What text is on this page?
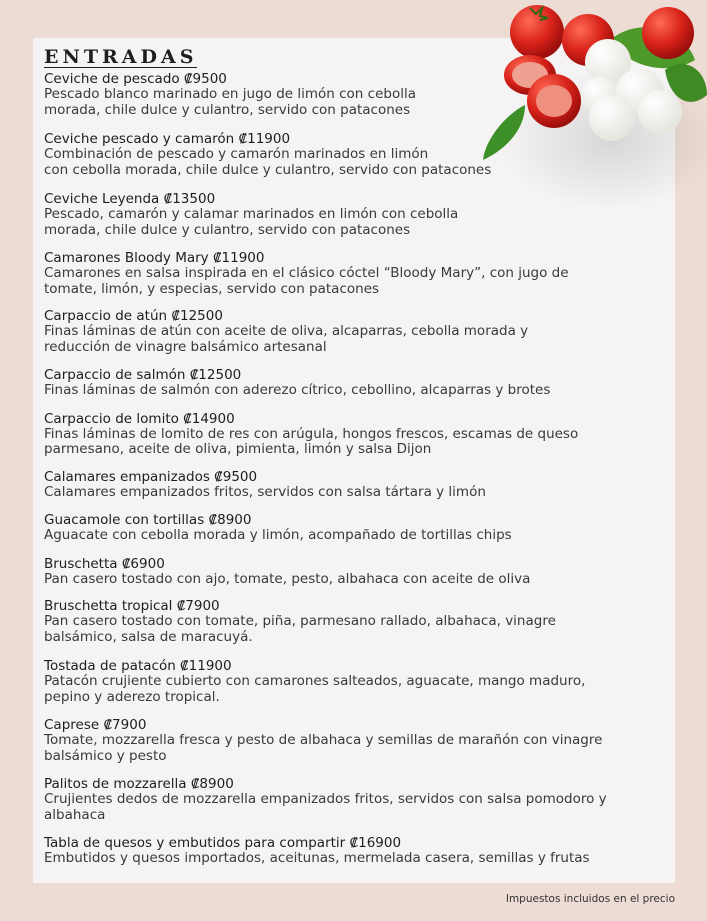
ENTRADAS
Ceviche de pescado ₡9500
Pescado blanco marinado en jugo de limón con cebolla
morada, chile dulce y culantro, servido con patacones
Ceviche pescado y camarón ₡11900
Combinación de pescado y camarón marinados en limón
con cebolla morada, chile dulce y culantro, servido con patacones
Ceviche Leyenda ₡13500
Pescado, camarón y calamar marinados en limón con cebolla
morada, chile dulce y culantro, servido con patacones
Camarones Bloody Mary ₡11900
Camarones en salsa inspirada en el clásico cóctel “Bloody Mary”, con jugo de
tomate, limón, y especias, servido con patacones
Carpaccio de atún ₡12500
Finas láminas de atún con aceite de oliva, alcaparras, cebolla morada y
reducción de vinagre balsámico artesanal
Carpaccio de salmón ₡12500
Finas láminas de salmón con aderezo cítrico, cebollino, alcaparras y brotes
Carpaccio de lomito ₡14900
Finas láminas de lomito de res con arúgula, hongos frescos, escamas de queso
parmesano, aceite de oliva, pimienta, limón y salsa Dijon
Calamares empanizados ₡9500
Calamares empanizados fritos, servidos con salsa tártara y limón
Guacamole con tortillas ₡8900
Aguacate con cebolla morada y limón, acompañado de tortillas chips
Bruschetta ₡6900
Pan casero tostado con ajo, tomate, pesto, albahaca con aceite de oliva
Bruschetta tropical ₡7900
Pan casero tostado con tomate, piña, parmesano rallado, albahaca, vinagre
balsámico, salsa de maracuyá.
Tostada de patacón ₡11900
Patacón crujiente cubierto con camarones salteados, aguacate, mango maduro,
pepino y aderezo tropical.
Caprese ₡7900
Tomate, mozzarella fresca y pesto de albahaca y semillas de marañón con vinagre
balsámico y pesto
Palitos de mozzarella ₡8900
Crujientes dedos de mozzarella empanizados fritos, servidos con salsa pomodoro y
albahaca
Tabla de quesos y embutidos para compartir ₡16900
Embutidos y quesos importados, aceitunas, mermelada casera, semillas y frutas
Impuestos incluidos en el precio
